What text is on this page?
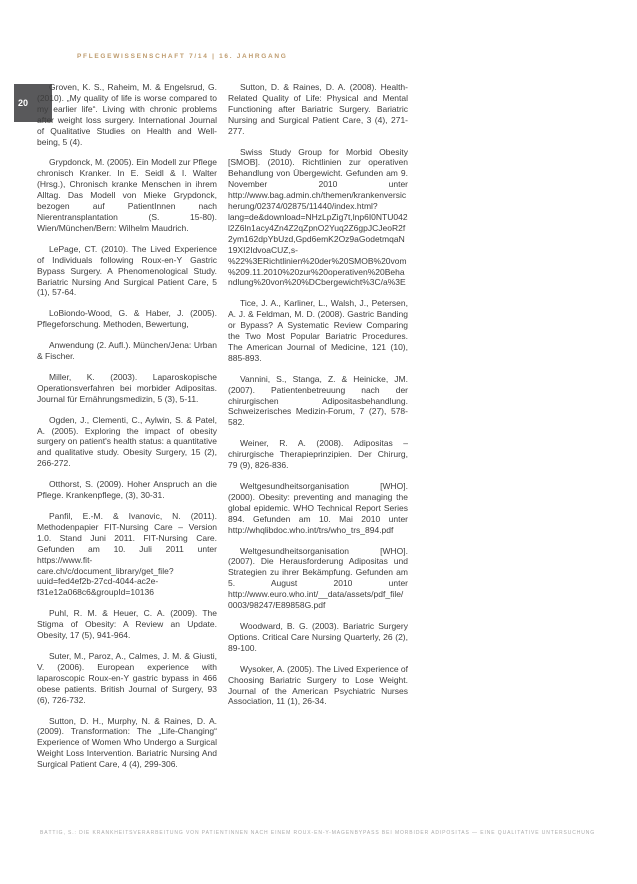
PFLEGEWISSENSCHAFT 7/14 | 16. JAHRGANG
20

Groven, K. S., Raheim, M. & Engelsrud, G. (2010). „My quality of life is worse compared to my earlier life“. Living with chronic problems after weight loss surgery. International Journal of Qualitative Studies on Health and Well-being, 5 (4).

Grypdonck, M. (2005). Ein Modell zur Pflege chronisch Kranker. In E. Seidl & I. Walter (Hrsg.), Chronisch kranke Menschen in ihrem Alltag. Das Modell von Mieke Grypdonck, bezogen auf PatientInnen nach Nierentransplantation (S. 15-80). Wien/München/Bern: Wilhelm Maudrich.

LePage, CT. (2010). The Lived Experience of Individuals following Roux-en-Y Gastric Bypass Surgery. A Phenomenological Study. Bariatric Nursing And Surgical Patient Care, 5 (1), 57-64.

LoBiondo-Wood, G. & Haber, J. (2005). Pflegeforschung. Methoden, Bewertung,

Anwendung (2. Aufl.). München/Jena: Urban & Fischer.

Miller, K. (2003). Laparoskopische Operationsverfahren bei morbider Adipositas. Journal für Ernährungsmedizin, 5 (3), 5-11.

Ogden, J., Clementi, C., Aylwin, S. & Patel, A. (2005). Exploring the impact of obesity surgery on patient's health status: a quantitative and qualitative study. Obesity Surgery, 15 (2), 266-272.

Otthorst, S. (2009). Hoher Anspruch an die Pflege. Krankenpflege, (3), 30-31.

Panfil, E.-M. & Ivanovic, N. (2011). Methodenpapier FIT-Nursing Care – Version 1.0. Stand Juni 2011. FIT-Nursing Care. Gefunden am 10. Juli 2011 unter https://www.fit-care.ch/c/document_library/get_file?uuid=fed4ef2b-27cd-4044-ac2e-f31e12a068c6&groupId=10136

Puhl, R. M. & Heuer, C. A. (2009). The Stigma of Obesity: A Review an Update. Obesity, 17 (5), 941-964.

Suter, M., Paroz, A., Calmes, J. M. & Giusti, V. (2006). European experience with laparoscopic Roux-en-Y gastric bypass in 466 obese patients. British Journal of Surgery, 93 (6), 726-732.

Sutton, D. H., Murphy, N. & Raines, D. A. (2009). Transformation: The „Life-Changing“ Experience of Women Who Undergo a Surgical Weight Loss Intervention. Bariatric Nursing And Surgical Patient Care, 4 (4), 299-306.

Sutton, D. & Raines, D. A. (2008). Health-Related Quality of Life: Physical and Mental Functioning after Bariatric Surgery. Bariatric Nursing and Surgical Patient Care, 3 (4), 271-277.

Swiss Study Group for Morbid Obesity [SMOB]. (2010). Richtlinien zur operativen Behandlung von Übergewicht. Gefunden am 9. November 2010 unter http://www.bag.admin.ch/themen/krankenversicherung/02374/02875/11440/index.html?lang=de&download=NHzLpZig7t,lnp6I0NTU042l2Z6ln1acy4Zn4Z2qZpnO2Yuq2Z6gpJCJeoR2f2ym162dpYbUzd,Gpd6emK2Oz9aGodetmqaN19XI2IdvoaCUZ,s-%22%3ERichtlinien%20der%20SMOB%20vom%209.11.2010%20zur%20operativen%20Behandlung%20von%20%DCbergewicht%3C/a%3E

Tice, J. A., Karliner, L., Walsh, J., Petersen, A. J. & Feldman, M. D. (2008). Gastric Banding or Bypass? A Systematic Review Comparing the Two Most Popular Bariatric Procedures. The American Journal of Medicine, 121 (10), 885-893.

Vannini, S., Stanga, Z. & Heinicke, JM. (2007). Patientenbetreuung nach der chirurgischen Adipositasbehandlung. Schweizerisches Medizin-Forum, 7 (27), 578-582.

Weiner, R. A. (2008). Adipositas – chirurgische Therapieprinzipien. Der Chirurg, 79 (9), 826-836.

Weltgesundheitsorganisation [WHO]. (2000). Obesity: preventing and managing the global epidemic. WHO Technical Report Series 894. Gefunden am 10. Mai 2010 unter http://whqlibdoc.who.int/trs/who_trs_894.pdf

Weltgesundheitsorganisation [WHO]. (2007). Die Herausforderung Adipositas und Strategien zu ihrer Bekämpfung. Gefunden am 5. August 2010 unter http://www.euro.who.int/__data/assets/pdf_file/0003/98247/E89858G.pdf

Woodward, B. G. (2003). Bariatric Surgery Options. Critical Care Nursing Quarterly, 26 (2), 89-100.

Wysoker, A. (2005). The Lived Experience of Choosing Bariatric Surgery to Lose Weight. Journal of the American Psychiatric Nurses Association, 11 (1), 26-34.

BÄTTIG, S.: DIE KRANKHEITSVERARBEITUNG VON PATIENTINNEN NACH EINEM ROUX-EN-Y-MAGENBYPASS BEI MORBIDER ADIPOSITAS — EINE QUALITATIVE UNTERSUCHUNG
